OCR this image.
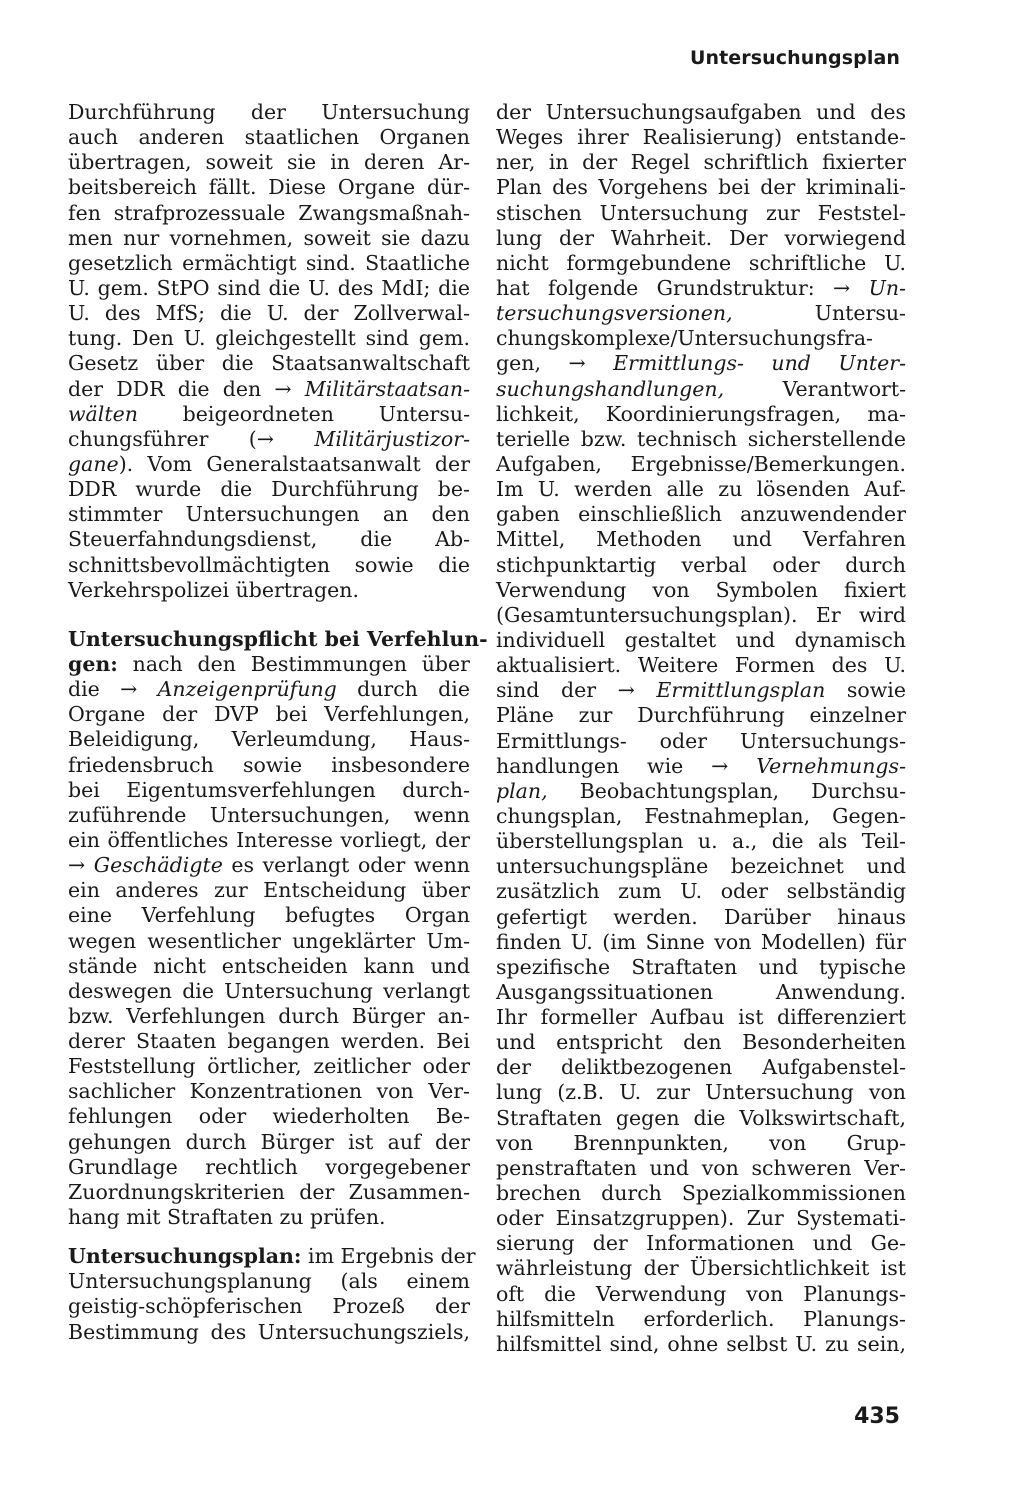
Untersuchungsplan
Durchführung der Untersuchung
auch anderen staatlichen Organen
übertragen, soweit sie in deren Ar-
beitsbereich fällt. Diese Organe dür-
fen strafprozessuale Zwangsmaßnah-
men nur vornehmen, soweit sie dazu
gesetzlich ermächtigt sind. Staatliche
U. gem. StPO sind die U. des MdI; die
U. des MfS; die U. der Zollverwal-
tung. Den U. gleichgestellt sind gem.
Gesetz über die Staatsanwaltschaft
der DDR die den → Militärstaatsan-
wälten beigeordneten Untersu-
chungsführer (→ Militärjustizor-
gane). Vom Generalstaatsanwalt der
DDR wurde die Durchführung be-
stimmter Untersuchungen an den
Steuerfahndungsdienst, die Ab-
schnittsbevollmächtigten sowie die
Verkehrspolizei übertragen.
Untersuchungspflicht bei Verfehlun-
gen: nach den Bestimmungen über
die → Anzeigenprüfung durch die
Organe der DVP bei Verfehlungen,
Beleidigung, Verleumdung, Haus-
friedensbruch sowie insbesondere
bei Eigentumsverfehlungen durch-
zuführende Untersuchungen, wenn
ein öffentliches Interesse vorliegt, der
→ Geschädigte es verlangt oder wenn
ein anderes zur Entscheidung über
eine Verfehlung befugtes Organ
wegen wesentlicher ungeklärter Um-
stände nicht entscheiden kann und
deswegen die Untersuchung verlangt
bzw. Verfehlungen durch Bürger an-
derer Staaten begangen werden. Bei
Feststellung örtlicher, zeitlicher oder
sachlicher Konzentrationen von Ver-
fehlungen oder wiederholten Be-
gehungen durch Bürger ist auf der
Grundlage rechtlich vorgegebener
Zuordnungskriterien der Zusammen-
hang mit Straftaten zu prüfen.
Untersuchungsplan: im Ergebnis der
Untersuchungsplanung (als einem
geistig-schöpferischen Prozeß der
Bestimmung des Untersuchungsziels,
der Untersuchungsaufgaben und des
Weges ihrer Realisierung) entstande-
ner, in der Regel schriftlich fixierter
Plan des Vorgehens bei der kriminali-
stischen Untersuchung zur Feststel-
lung der Wahrheit. Der vorwiegend
nicht formgebundene schriftliche U.
hat folgende Grundstruktur: → Un-
tersuchungsversionen, Untersu-
chungskomplexe/Untersuchungsfra-
gen, → Ermittlungs- und Unter-
suchungshandlungen, Verantwort-
lichkeit, Koordinierungsfragen, ma-
terielle bzw. technisch sicherstellende
Aufgaben, Ergebnisse/Bemerkungen.
Im U. werden alle zu lösenden Auf-
gaben einschließlich anzuwendender
Mittel, Methoden und Verfahren
stichpunktartig verbal oder durch
Verwendung von Symbolen fixiert
(Gesamtuntersuchungsplan). Er wird
individuell gestaltet und dynamisch
aktualisiert. Weitere Formen des U.
sind der → Ermittlungsplan sowie
Pläne zur Durchführung einzelner
Ermittlungs- oder Untersuchungs-
handlungen wie → Vernehmungs-
plan, Beobachtungsplan, Durchsu-
chungsplan, Festnahmeplan, Gegen-
überstellungsplan u. a., die als Teil-
untersuchungspläne bezeichnet und
zusätzlich zum U. oder selbständig
gefertigt werden. Darüber hinaus
finden U. (im Sinne von Modellen) für
spezifische Straftaten und typische
Ausgangssituationen Anwendung.
Ihr formeller Aufbau ist differenziert
und entspricht den Besonderheiten
der deliktbezogenen Aufgabenstel-
lung (z.B. U. zur Untersuchung von
Straftaten gegen die Volkswirtschaft,
von Brennpunkten, von Grup-
penstraftaten und von schweren Ver-
brechen durch Spezialkommissionen
oder Einsatzgruppen). Zur Systemati-
sierung der Informationen und Ge-
währleistung der Übersichtlichkeit ist
oft die Verwendung von Planungs-
hilfsmitteln erforderlich. Planungs-
hilfsmittel sind, ohne selbst U. zu sein,
435
